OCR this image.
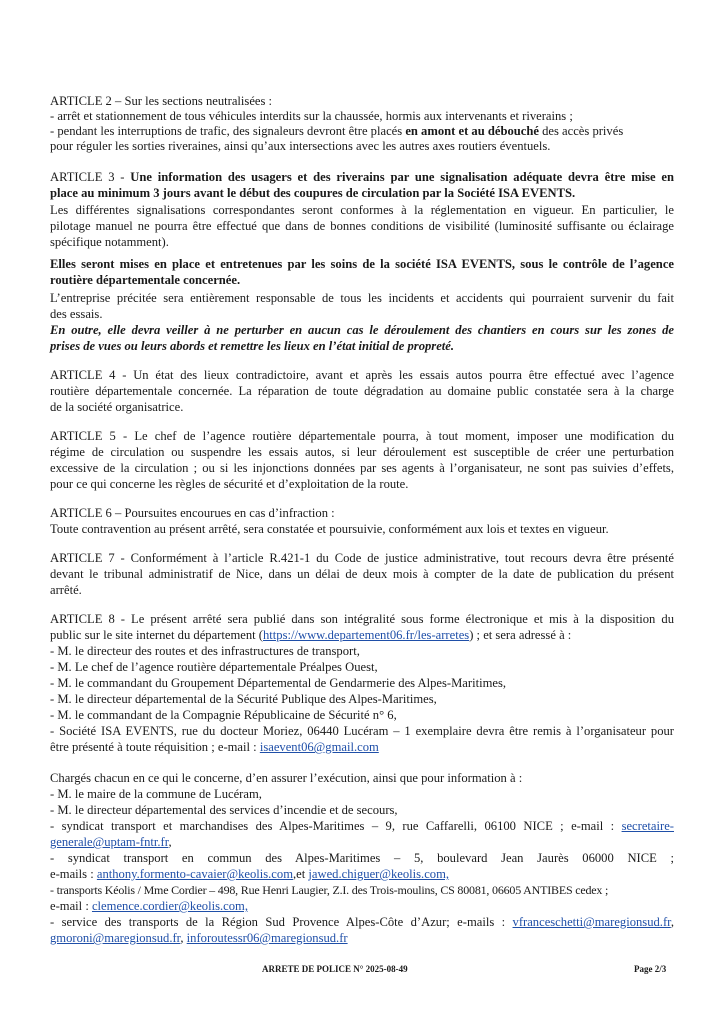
ARTICLE 2 – Sur les sections neutralisées :
- arrêt et stationnement de tous véhicules interdits sur la chaussée, hormis aux intervenants et riverains ;
- pendant les interruptions de trafic, des signaleurs devront être placés en amont et au débouché des accès privés
pour réguler les sorties riveraines, ainsi qu’aux intersections avec les autres axes routiers éventuels.
ARTICLE 3 - Une information des usagers et des riverains par une signalisation adéquate devra être mise en
place au minimum 3 jours avant le début des coupures de circulation par la Société ISA EVENTS.
Les différentes signalisations correspondantes seront conformes à la réglementation en vigueur. En particulier, le
pilotage manuel ne pourra être effectué que dans de bonnes conditions de visibilité (luminosité suffisante ou éclairage
spécifique notamment).
Elles seront mises en place et entretenues par les soins de la société ISA EVENTS, sous le contrôle de l’agence
routière départementale concernée.
L’entreprise précitée sera entièrement responsable de tous les incidents et accidents qui pourraient survenir du fait
des essais.
En outre, elle devra veiller à ne perturber en aucun cas le déroulement des chantiers en cours sur les zones de
prises de vues ou leurs abords et remettre les lieux en l’état initial de propreté.
ARTICLE 4 - Un état des lieux contradictoire, avant et après les essais autos pourra être effectué avec l’agence
routière départementale concernée. La réparation de toute dégradation au domaine public constatée sera à la charge
de la société organisatrice.
ARTICLE 5 - Le chef de l’agence routière départementale pourra, à tout moment, imposer une modification du
régime de circulation ou suspendre les essais autos, si leur déroulement est susceptible de créer une perturbation
excessive de la circulation ; ou si les injonctions données par ses agents à l’organisateur, ne sont pas suivies d’effets,
pour ce qui concerne les règles de sécurité et d’exploitation de la route.
ARTICLE 6 – Poursuites encourues en cas d’infraction :
Toute contravention au présent arrêté, sera constatée et poursuivie, conformément aux lois et textes en vigueur.
ARTICLE 7 - Conformément à l’article R.421-1 du Code de justice administrative, tout recours devra être présenté
devant le tribunal administratif de Nice, dans un délai de deux mois à compter de la date de publication du présent
arrêté.
ARTICLE 8 - Le présent arrêté sera publié dans son intégralité sous forme électronique et mis à la disposition du
public sur le site internet du département (https://www.departement06.fr/les-arretes) ; et sera adressé à :
- M. le directeur des routes et des infrastructures de transport,
- M. Le chef de l’agence routière départementale Préalpes Ouest,
- M. le commandant du Groupement Départemental de Gendarmerie des Alpes-Maritimes,
- M. le directeur départemental de la Sécurité Publique des Alpes-Maritimes,
- M. le commandant de la Compagnie Républicaine de Sécurité n° 6,
- Société ISA EVENTS, rue du docteur Moriez, 06440 Lucéram – 1 exemplaire devra être remis à l’organisateur pour
être présenté à toute réquisition ; e-mail : isaevent06@gmail.com
Chargés chacun en ce qui le concerne, d’en assurer l’exécution, ainsi que pour information à :
- M. le maire de la commune de Lucéram,
- M. le directeur départemental des services d’incendie et de secours,
- syndicat transport et marchandises des Alpes-Maritimes – 9, rue Caffarelli, 06100 NICE ; e-mail : secretaire-
generale@uptam-fntr.fr,
- syndicat transport en commun des Alpes-Maritimes – 5, boulevard Jean Jaurès 06000 NICE ;
e-mails : anthony.formento-cavaier@keolis.com,et jawed.chiguer@keolis.com,
- transports Kéolis / Mme Cordier – 498, Rue Henri Laugier, Z.I. des Trois-moulins, CS 80081, 06605 ANTIBES cedex ;
e-mail : clemence.cordier@keolis.com,
- service des transports de la Région Sud Provence Alpes-Côte d’Azur; e-mails : vfranceschetti@maregionsud.fr,
gmoroni@maregionsud.fr, inforoutessr06@maregionsud.fr
ARRETE DE POLICE N° 2025-08-49	Page 2/3
